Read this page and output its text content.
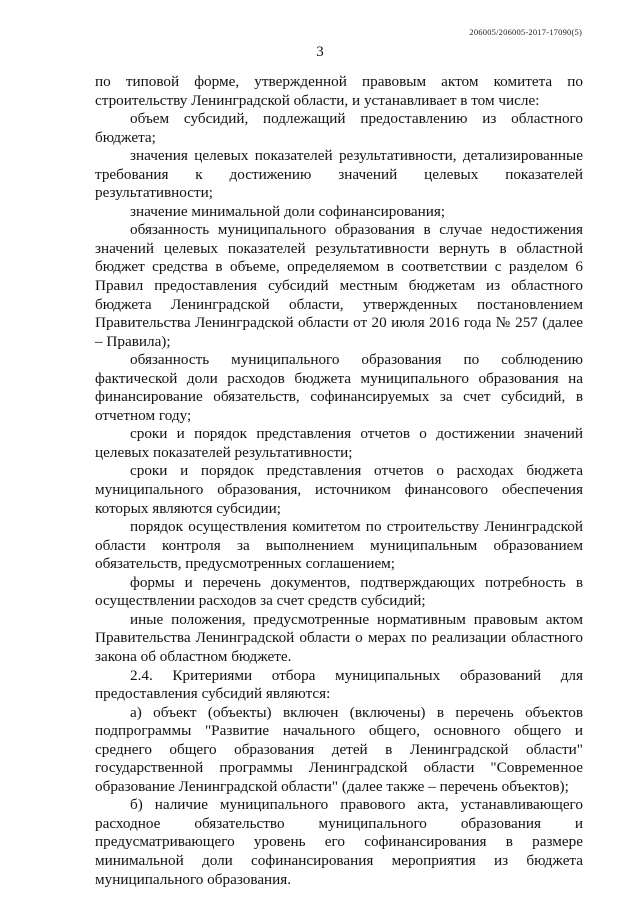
206005/206005-2017-17090(5)
3

по типовой форме, утвержденной правовым актом комитета по строительству Ленинградской области, и устанавливает в том числе:

объем субсидий, подлежащий предоставлению из областного бюджета;

значения целевых показателей результативности, детализированные требования к достижению значений целевых показателей результативности;

значение минимальной доли софинансирования;

обязанность муниципального образования в случае недостижения значений целевых показателей результативности вернуть в областной бюджет средства в объеме, определяемом в соответствии с разделом 6 Правил предоставления субсидий местным бюджетам из областного бюджета Ленинградской области, утвержденных постановлением Правительства Ленинградской области от 20 июля 2016 года № 257 (далее – Правила);

обязанность муниципального образования по соблюдению фактической доли расходов бюджета муниципального образования на финансирование обязательств, софинансируемых за счет субсидий, в отчетном году;

сроки и порядок представления отчетов о достижении значений целевых показателей результативности;

сроки и порядок представления отчетов о расходах бюджета муниципального образования, источником финансового обеспечения которых являются субсидии;

порядок осуществления комитетом по строительству Ленинградской области контроля за выполнением муниципальным образованием обязательств, предусмотренных соглашением;

формы и перечень документов, подтверждающих потребность в осуществлении расходов за счет средств субсидий;

иные положения, предусмотренные нормативным правовым актом Правительства Ленинградской области о мерах по реализации областного закона об областном бюджете.

2.4. Критериями отбора муниципальных образований для предоставления субсидий являются:

а) объект (объекты) включен (включены) в перечень объектов подпрограммы "Развитие начального общего, основного общего и среднего общего образования детей в Ленинградской области" государственной программы Ленинградской области "Современное образование Ленинградской области" (далее также – перечень объектов);

б) наличие муниципального правового акта, устанавливающего расходное обязательство муниципального образования и предусматривающего уровень его софинансирования в размере минимальной доли софинансирования мероприятия из бюджета муниципального образования.
